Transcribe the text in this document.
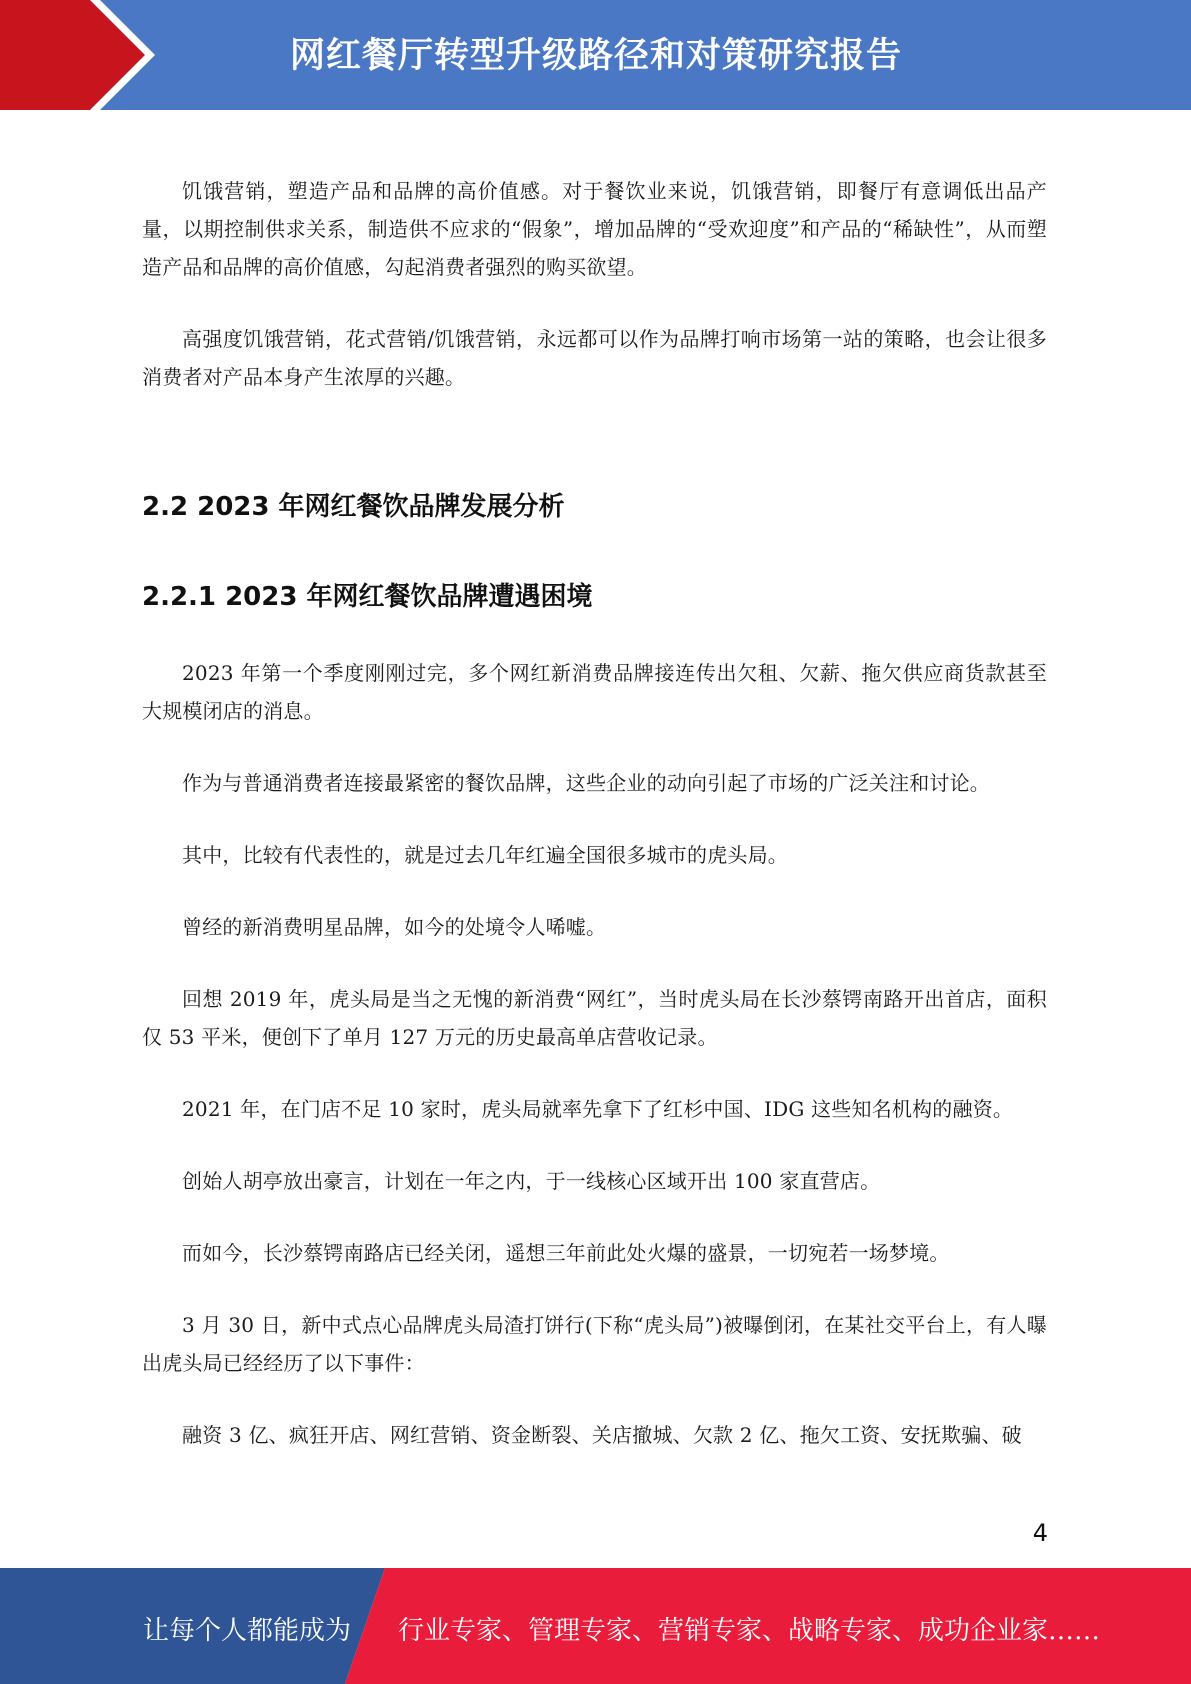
网红餐厅转型升级路径和对策研究报告

饥饿营销，塑造产品和品牌的高价值感。对于餐饮业来说，饥饿营销，即餐厅有意调低出品产量，以期控制供求关系，制造供不应求的“假象”，增加品牌的“受欢迎度”和产品的“稀缺性”，从而塑造产品和品牌的高价值感，勾起消费者强烈的购买欲望。

高强度饥饿营销，花式营销/饥饿营销，永远都可以作为品牌打响市场第一站的策略，也会让很多消费者对产品本身产生浓厚的兴趣。

2.2 2023 年网红餐饮品牌发展分析
2.2.1 2023 年网红餐饮品牌遭遇困境

2023 年第一个季度刚刚过完，多个网红新消费品牌接连传出欠租、欠薪、拖欠供应商货款甚至大规模闭店的消息。

作为与普通消费者连接最紧密的餐饮品牌，这些企业的动向引起了市场的广泛关注和讨论。

其中，比较有代表性的，就是过去几年红遍全国很多城市的虎头局。

曾经的新消费明星品牌，如今的处境令人唏嘘。

回想 2019 年，虎头局是当之无愧的新消费“网红”，当时虎头局在长沙蔡锷南路开出首店，面积仅 53 平米，便创下了单月 127 万元的历史最高单店营收记录。

2021 年，在门店不足 10 家时，虎头局就率先拿下了红杉中国、IDG 这些知名机构的融资。

创始人胡亭放出豪言，计划在一年之内，于一线核心区域开出 100 家直营店。

而如今，长沙蔡锷南路店已经关闭，遥想三年前此处火爆的盛景，一切宛若一场梦境。

3 月 30 日，新中式点心品牌虎头局渣打饼行(下称“虎头局”)被曝倒闭，在某社交平台上，有人曝出虎头局已经经历了以下事件：

融资 3 亿、疯狂开店、网红营销、资金断裂、关店撤城、欠款 2 亿、拖欠工资、安抚欺骗、破

4
让每个人都能成为 行业专家、管理专家、营销专家、战略专家、成功企业家……
